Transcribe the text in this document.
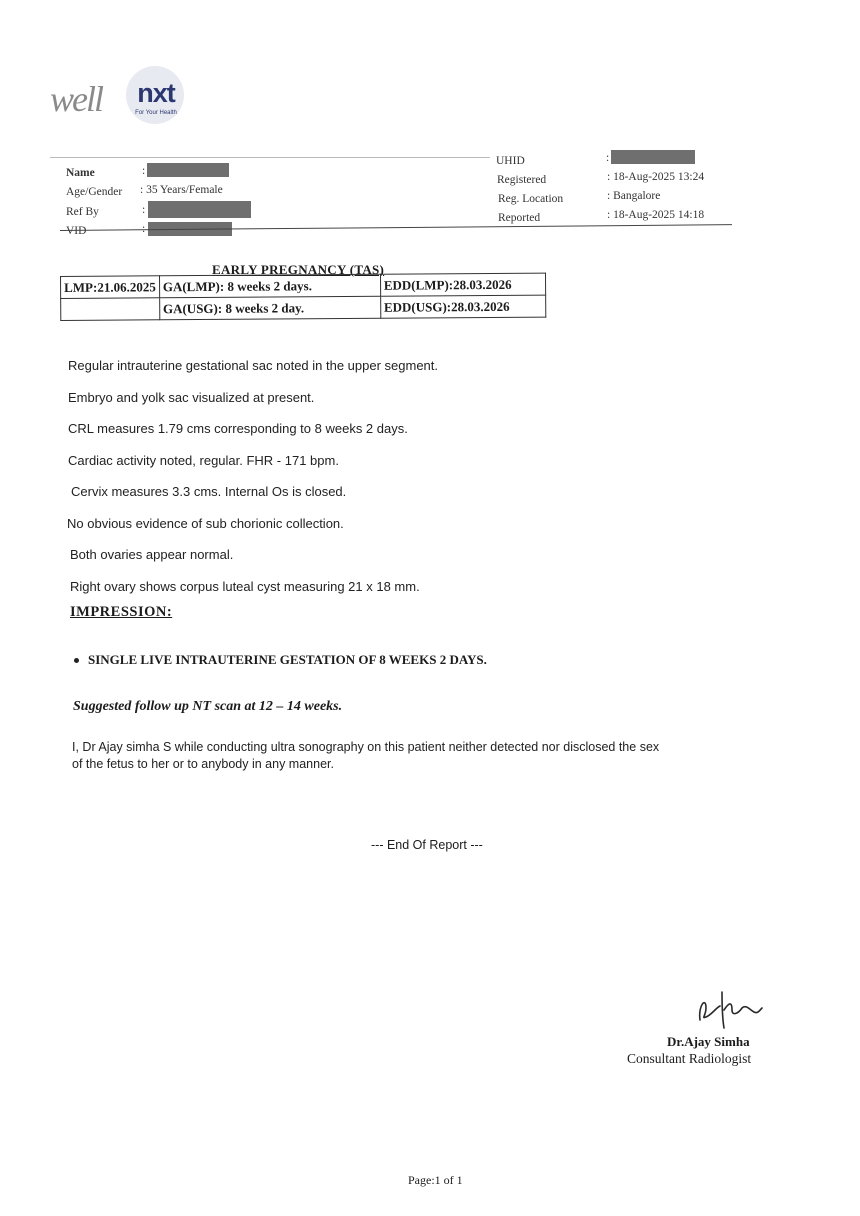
well	nxt
For Your Health
Name	:
Age/Gender : 35 Years/Female
Ref By	:
VID
UHID	:
Registered	: 18-Aug-2025 13:24
Reg. Location	: Bangalore
Reported	: 18-Aug-2025 14:18
EARLY PREGNANCY (TAS)
LMP:21.06.2025	GA(LMP): 8 weeks 2 days.	EDD(LMP):28.03.2026
	GA(USG): 8 weeks 2 day.	EDD(USG):28.03.2026
Regular intrauterine gestational sac noted in the upper segment.
Embryo and yolk sac visualized at present.
CRL measures 1.79 cms corresponding to 8 weeks 2 days.
Cardiac activity noted, regular. FHR - 171 bpm.
Cervix measures 3.3 cms. Internal Os is closed.
No obvious evidence of sub chorionic collection.
Both ovaries appear normal.
Right ovary shows corpus luteal cyst measuring 21 x 18 mm.
IMPRESSION:
SINGLE LIVE INTRAUTERINE GESTATION OF 8 WEEKS 2 DAYS.
Suggested follow up NT scan at 12 – 14 weeks.
I, Dr Ajay simha S while conducting ultra sonography on this patient neither detected nor disclosed the sex
of the fetus to her or to anybody in any manner.
--- End Of Report ---
Dr.Ajay Simha
Consultant Radiologist
Page:1 of 1
